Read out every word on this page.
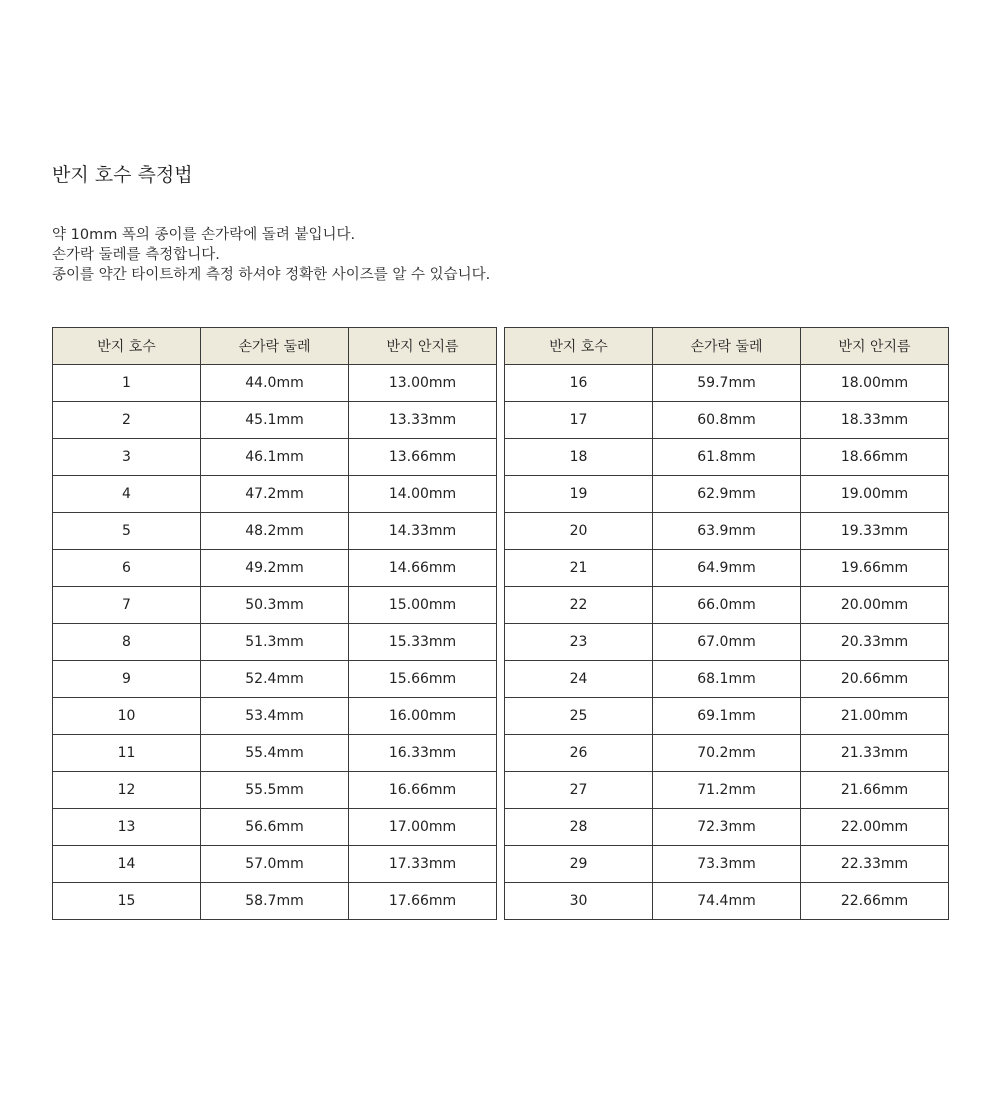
반지 호수 측정법
약 10mm 폭의 종이를 손가락에 돌려 붙입니다.
손가락 둘레를 측정합니다.
종이를 약간 타이트하게 측정 하셔야 정확한 사이즈를 알 수 있습니다.
반지 호수	손가락 둘레	반지 안지름
1	44.0mm	13.00mm
2	45.1mm	13.33mm
3	46.1mm	13.66mm
4	47.2mm	14.00mm
5	48.2mm	14.33mm
6	49.2mm	14.66mm
7	50.3mm	15.00mm
8	51.3mm	15.33mm
9	52.4mm	15.66mm
10	53.4mm	16.00mm
11	55.4mm	16.33mm
12	55.5mm	16.66mm
13	56.6mm	17.00mm
14	57.0mm	17.33mm
15	58.7mm	17.66mm
반지 호수	손가락 둘레	반지 안지름
16	59.7mm	18.00mm
17	60.8mm	18.33mm
18	61.8mm	18.66mm
19	62.9mm	19.00mm
20	63.9mm	19.33mm
21	64.9mm	19.66mm
22	66.0mm	20.00mm
23	67.0mm	20.33mm
24	68.1mm	20.66mm
25	69.1mm	21.00mm
26	70.2mm	21.33mm
27	71.2mm	21.66mm
28	72.3mm	22.00mm
29	73.3mm	22.33mm
30	74.4mm	22.66mm
